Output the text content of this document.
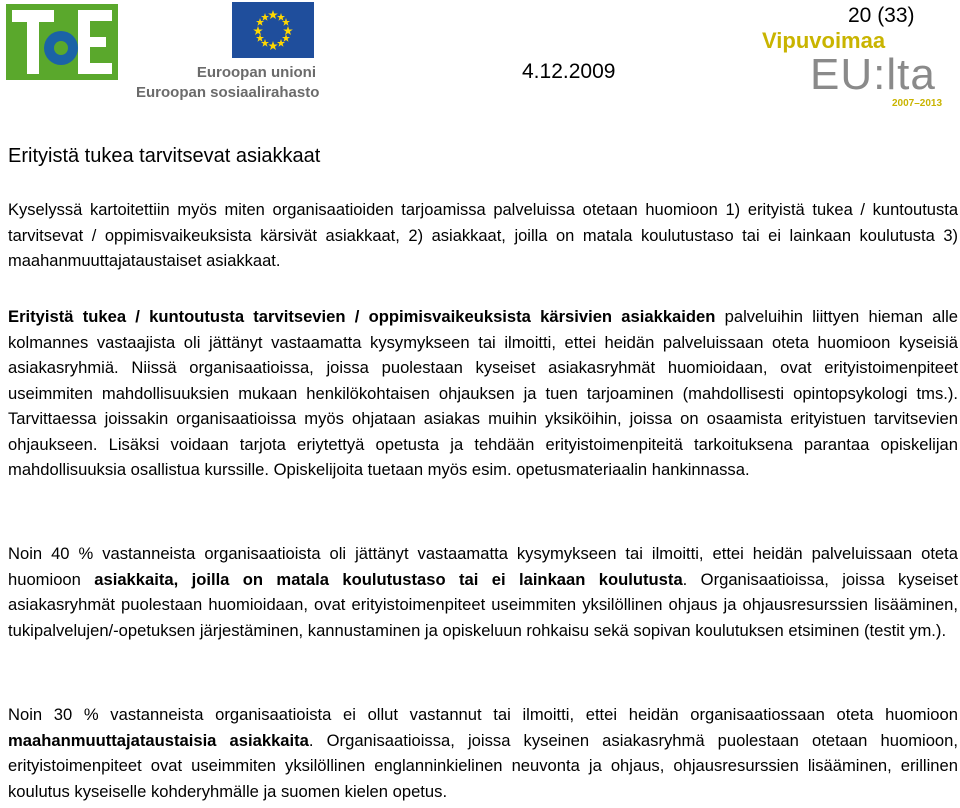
Euroopan unioni
Euroopan sosiaalirahasto
4.12.2009
20 (33)
Vipuvoimaa
EU:lta
2007–2013
Erityistä tukea tarvitsevat asiakkaat

Kyselyssä kartoitettiin myös miten organisaatioiden tarjoamissa palveluissa otetaan huomioon 1) erityistä tukea / kuntoutusta tarvitsevat / oppimisvaikeuksista kärsivät asiakkaat, 2) asiakkaat, joilla on matala koulutustaso tai ei lainkaan koulutusta 3) maahanmuuttajataustaiset asiakkaat.

Erityistä tukea / kuntoutusta tarvitsevien / oppimisvaikeuksista kärsivien asiakkaiden palveluihin liittyen hieman alle kolmannes vastaajista oli jättänyt vastaamatta kysymykseen tai ilmoitti, ettei heidän palveluissaan oteta huomioon kyseisiä asiakasryhmiä. Niissä organisaatioissa, joissa puolestaan kyseiset asiakasryhmät huomioidaan, ovat erityistoimenpiteet useimmiten mahdollisuuksien mukaan henkilökohtaisen ohjauksen ja tuen tarjoaminen (mahdollisesti opintopsykologi tms.). Tarvittaessa joissakin organisaatioissa myös ohjataan asiakas muihin yksiköihin, joissa on osaamista erityistuen tarvitsevien ohjaukseen. Lisäksi voidaan tarjota eriytettyä opetusta ja tehdään erityistoimenpiteitä tarkoituksena parantaa opiskelijan mahdollisuuksia osallistua kurssille. Opiskelijoita tuetaan myös esim. opetusmateriaalin hankinnassa.

Noin 40 % vastanneista organisaatioista oli jättänyt vastaamatta kysymykseen tai ilmoitti, ettei heidän palveluissaan oteta huomioon asiakkaita, joilla on matala koulutustaso tai ei lainkaan koulutusta. Organisaatioissa, joissa kyseiset asiakasryhmät puolestaan huomioidaan, ovat erityistoimenpiteet useimmiten yksilöllinen ohjaus ja ohjausresurssien lisääminen, tukipalvelujen/-opetuksen järjestäminen, kannustaminen ja opiskeluun rohkaisu sekä sopivan koulutuksen etsiminen (testit ym.).

Noin 30 % vastanneista organisaatioista ei ollut vastannut tai ilmoitti, ettei heidän organisaatiossaan oteta huomioon maahanmuuttajataustaisia asiakkaita. Organisaatioissa, joissa kyseinen asiakasryhmä puolestaan otetaan huomioon, erityistoimenpiteet ovat useimmiten yksilöllinen englanninkielinen neuvonta ja ohjaus, ohjausresurssien lisääminen, erillinen koulutus kyseiselle kohderyhmälle ja suomen kielen opetus.
